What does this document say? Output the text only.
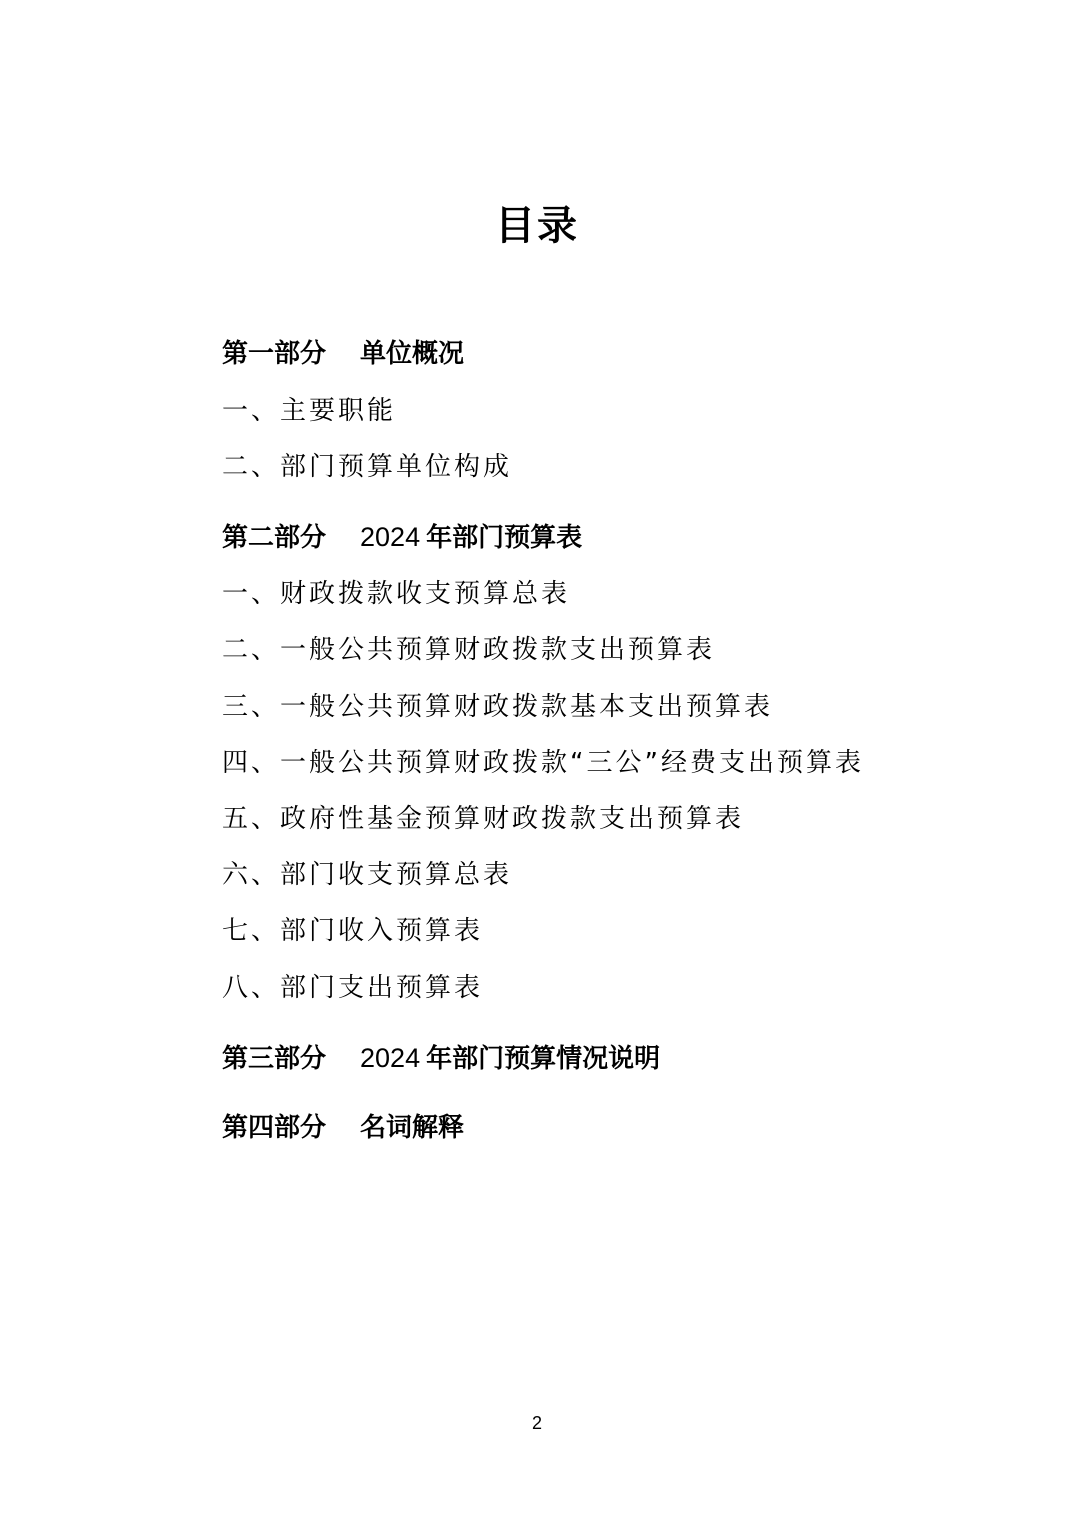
目录
第一部分 单位概况
一、主要职能
二、部门预算单位构成
第二部分 2024 年部门预算表
一、财政拨款收支预算总表
二、一般公共预算财政拨款支出预算表
三、一般公共预算财政拨款基本支出预算表
四、一般公共预算财政拨款“三公”经费支出预算表
五、政府性基金预算财政拨款支出预算表
六、部门收支预算总表
七、部门收入预算表
八、部门支出预算表
第三部分 2024 年部门预算情况说明
第四部分 名词解释
2
